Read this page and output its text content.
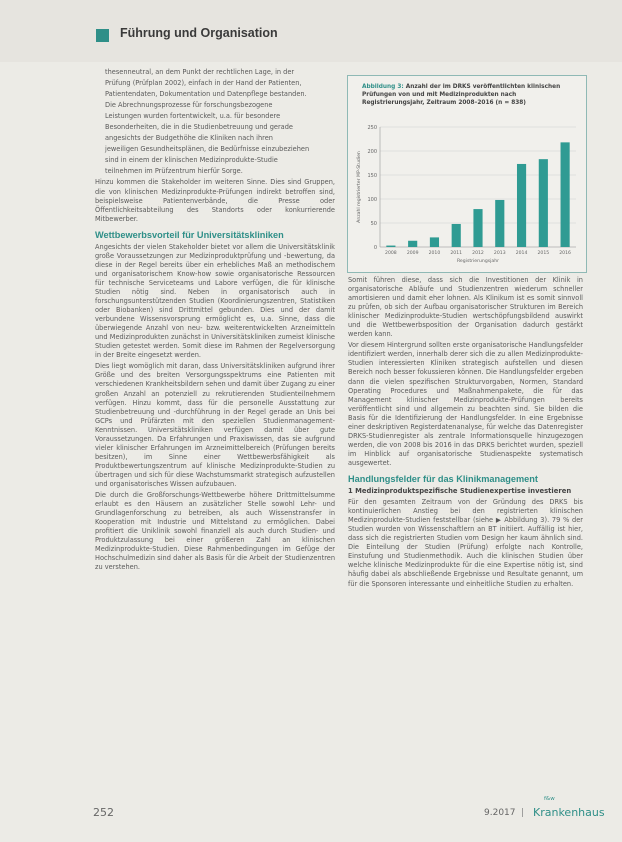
Führung und Organisation

thesenneutral, an dem Punkt der rechtlichen Lage, in der

Prüfung (Prüfplan 2002), einfach in der Hand der Patienten,

Patientendaten, Dokumentation und Datenpflege bestanden.

Die Abrechnungsprozesse für forschungsbezogene

Leistungen wurden fortentwickelt, u.a. für besondere

Besonderheiten, die in die Studienbetreuung und gerade

angesichts der Budgethöhe die Kliniken nach ihren

jeweiligen Gesundheitsplänen, die Bedürfnisse einzubeziehen

sind in einem der klinischen Medizinprodukte-Studie

teilnehmen im Prüfzentrum hierfür Sorge.

Hinzu kommen die Stakeholder im weiteren Sinne. Dies sind Gruppen, die von klinischen Medizinprodukte-Prüfungen indirekt betroffen sind, beispielsweise Patientenverbände, die Presse oder Öffentlichkeitsabteilung des Standorts oder konkurrierende Mitbewerber.

Wettbewerbsvorteil für Universitätskliniken

Angesichts der vielen Stakeholder bietet vor allem die Universitätsklinik große Voraussetzungen zur Medizinproduktprüfung und -bewertung, da diese in der Regel bereits über ein erhebliches Maß an methodischem und organisatorischem Know-how sowie organisatorische Ressourcen für technische Serviceteams und Labore verfügen, die für klinische Studien nötig sind. Neben in organisatorisch auch in forschungsunterstützenden Studien (Koordinierungszentren, Statistiken oder Biobanken) sind Drittmittel gebunden. Dies und der damit verbundene Wissensvorsprung ermöglicht es, u.a. Sinne, dass die überwiegende Anzahl von neu- bzw. weiterentwickelten Arzneimitteln und Medizinprodukten zunächst in Universitätskliniken zumeist klinische Studien getestet werden. Somit diese im Rahmen der Regelversorgung in der Breite eingesetzt werden.

Dies liegt womöglich mit daran, dass Universitätskliniken aufgrund ihrer Größe und des breiten Versorgungsspektrums eine Patienten mit verschiedenen Krankheitsbildern sehen und damit über Zugang zu einer großen Anzahl an potenziell zu rekrutierenden Studienteilnehmern verfügen. Hinzu kommt, dass für die personelle Ausstattung zur Studienbetreuung und -durchführung in der Regel gerade an Unis bei GCPs und Prüfärzten mit den speziellen Studienmanagement-Kenntnissen. Universitätskliniken verfügen damit über gute Voraussetzungen. Da Erfahrungen und Praxiswissen, das sie aufgrund vieler klinischer Erfahrungen im Arzneimittelbereich (Prüfungen bereits besitzen), im Sinne einer Wettbewerbsfähigkeit als Produktbewertungszentrum auf klinische Medizinprodukte-Studien zu übertragen und sich für diese Wachstumsmarkt strategisch aufzustellen und organisatorisches Wissen aufzubauen.

Die durch die Großforschungs-Wettbewerbe höhere Drittmittelsumme erlaubt es den Häusern an zusätzlicher Stelle sowohl Lehr- und Grundlagenforschung zu betreiben, als auch Wissenstransfer in Kooperation mit Industrie und Mittelstand zu ermöglichen. Dabei profitiert die Uniklinik sowohl finanziell als auch durch Studien- und Produktzulassung bei einer größeren Zahl an klinischen Medizinprodukte-Studien. Diese Rahmenbedingungen im Gefüge der Hochschulmedizin sind daher als Basis für die Arbeit der Studienzentren zu verstehen.

Abbildung 3: Anzahl der im DRKS veröffentlichten klinischen Prüfungen von und mit Medizinprodukten nach Registrierungsjahr, Zeitraum 2008–2016 (n = 838)
0
50
100
150
200
250
2008 2009 2010 2011 2012 2013 2014 2015 2016
Registrierungsjahr
Anzahl registrierter MP-Studien

Somit führen diese, dass sich die Investitionen der Klinik in organisatorische Abläufe und Studienzentren wiederum schneller amortisieren und damit eher lohnen. Als Klinikum ist es somit sinnvoll zu prüfen, ob sich der Aufbau organisatorischer Strukturen im Bereich klinischer Medizinprodukte-Studien wertschöpfungsbildend auswirkt und die Wettbewerbsposition der Organisation dadurch gestärkt werden kann.

Vor diesem Hintergrund sollten erste organisatorische Handlungsfelder identifiziert werden, innerhalb derer sich die zu allen Medizinprodukte-Studien interessierten Kliniken strategisch aufstellen und diesen Bereich noch besser fokussieren können. Die Handlungsfelder ergeben dann die vielen spezifischen Strukturvorgaben, Normen, Standard Operating Procedures und Maßnahmenpakete, die für das Management klinischer Medizinprodukte-Prüfungen bereits veröffentlicht sind und allgemein zu beachten sind. Sie bilden die Basis für die Identifizierung der Handlungsfelder. In eine Ergebnisse einer deskriptiven Registerdatenanalyse, für welche das Datenregister DRKS-Studienregister als zentrale Informationsquelle hinzugezogen werden, die von 2008 bis 2016 in das DRKS berichtet wurden, speziell im Hinblick auf organisatorische Studienaspekte systematisch ausgewertet.

Handlungsfelder für das Klinikmanagement
1 Medizinproduktspezifische Studienexpertise investieren

Für den gesamten Zeitraum von der Gründung des DRKS bis kontinuierlichen Anstieg bei den registrierten klinischen Medizinprodukte-Studien feststellbar (siehe ▶ Abbildung 3). 79 % der Studien wurden von Wissenschaftlern an BT initiiert. Auffällig ist hier, dass sich die registrierten Studien vom Design her kaum ähnlich sind. Die Einteilung der Studien (Prüfung) erfolgte nach Kontrolle, Einstufung und Studienmethodik. Auch die klinischen Studien über welche klinische Medizinprodukte für die eine Expertise nötig ist, sind häufig dabei als abschließende Ergebnisse und Resultate genannt, um für die Sponsoren interessante und einheitliche Studien zu erhalten.

252	9.2017 |
f&w
Krankenhaus
